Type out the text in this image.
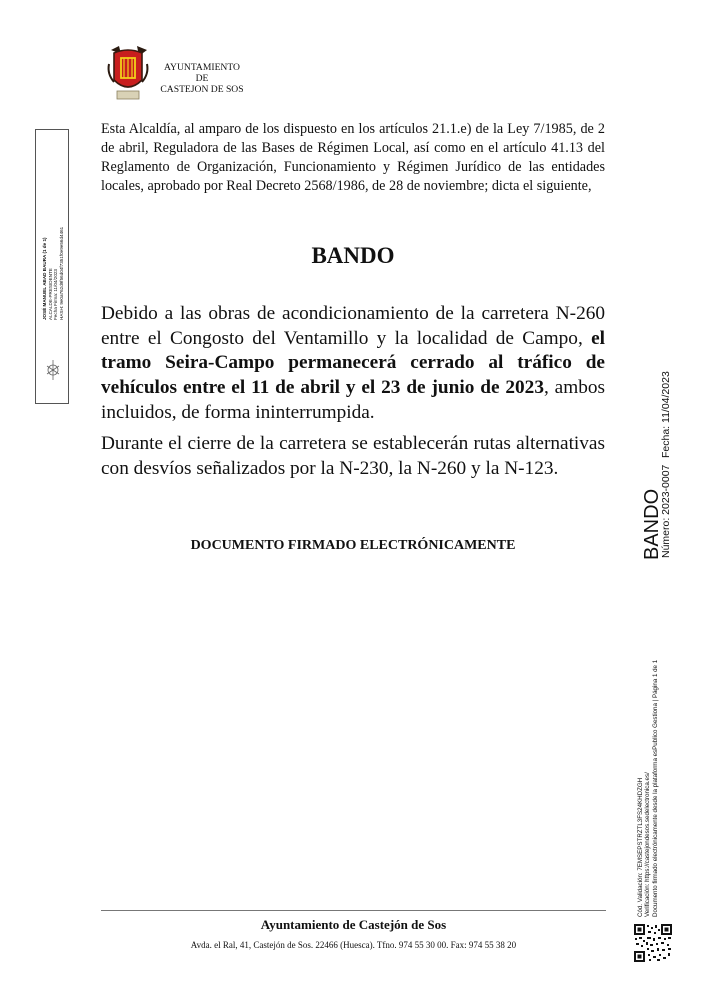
AYUNTAMIENTO
DE
CASTEJON DE SOS
Esta Alcaldía, al amparo de los dispuesto en los artículos 21.1.e) de la Ley 7/1985, de 2 de abril, Reguladora de las Bases de Régimen Local, así como en el artículo 41.13 del Reglamento de Organización, Funcionamiento y Régimen Jurídico de las entidades locales, aprobado por Real Decreto 2568/1986, de 28 de noviembre; dicta el siguiente,
BANDO
Debido a las obras de acondicionamiento de la carretera N-260 entre el Congosto del Ventamillo y la localidad de Campo, el tramo Seira-Campo permanecerá cerrado al tráfico de vehículos entre el 11 de abril y el 23 de junio de 2023, ambos incluidos, de forma ininterrumpida.
Durante el cierre de la carretera se establecerán rutas alternativas con desvíos señalizados por la N-230, la N-260 y la N-123.
DOCUMENTO FIRMADO ELECTRÓNICAMENTE
Ayuntamiento de Castejón de Sos
Avda. el Ral, 41, Castejón de Sos. 22466 (Huesca). Tfno. 974 55 30 00. Fax: 974 55 38 20
JOSÉ MANUEL ABAD BAURA (1 de 1) ALCALDE-PRESIDENTE Fecha Firma: 11/04/2023 HASH: 9e0a762d9f56d04f7351f0e9e56d4461
BANDO
Número: 2023-0007
Fecha: 11/04/2023
Cód. Validación: 7EMSEPSTRZTL3FS24KHDZGH Verificación: https://castejondesos.sedelectronica.es/ Documento firmado electrónicamente desde la plataforma esPublico Gestiona | Página 1 de 1
